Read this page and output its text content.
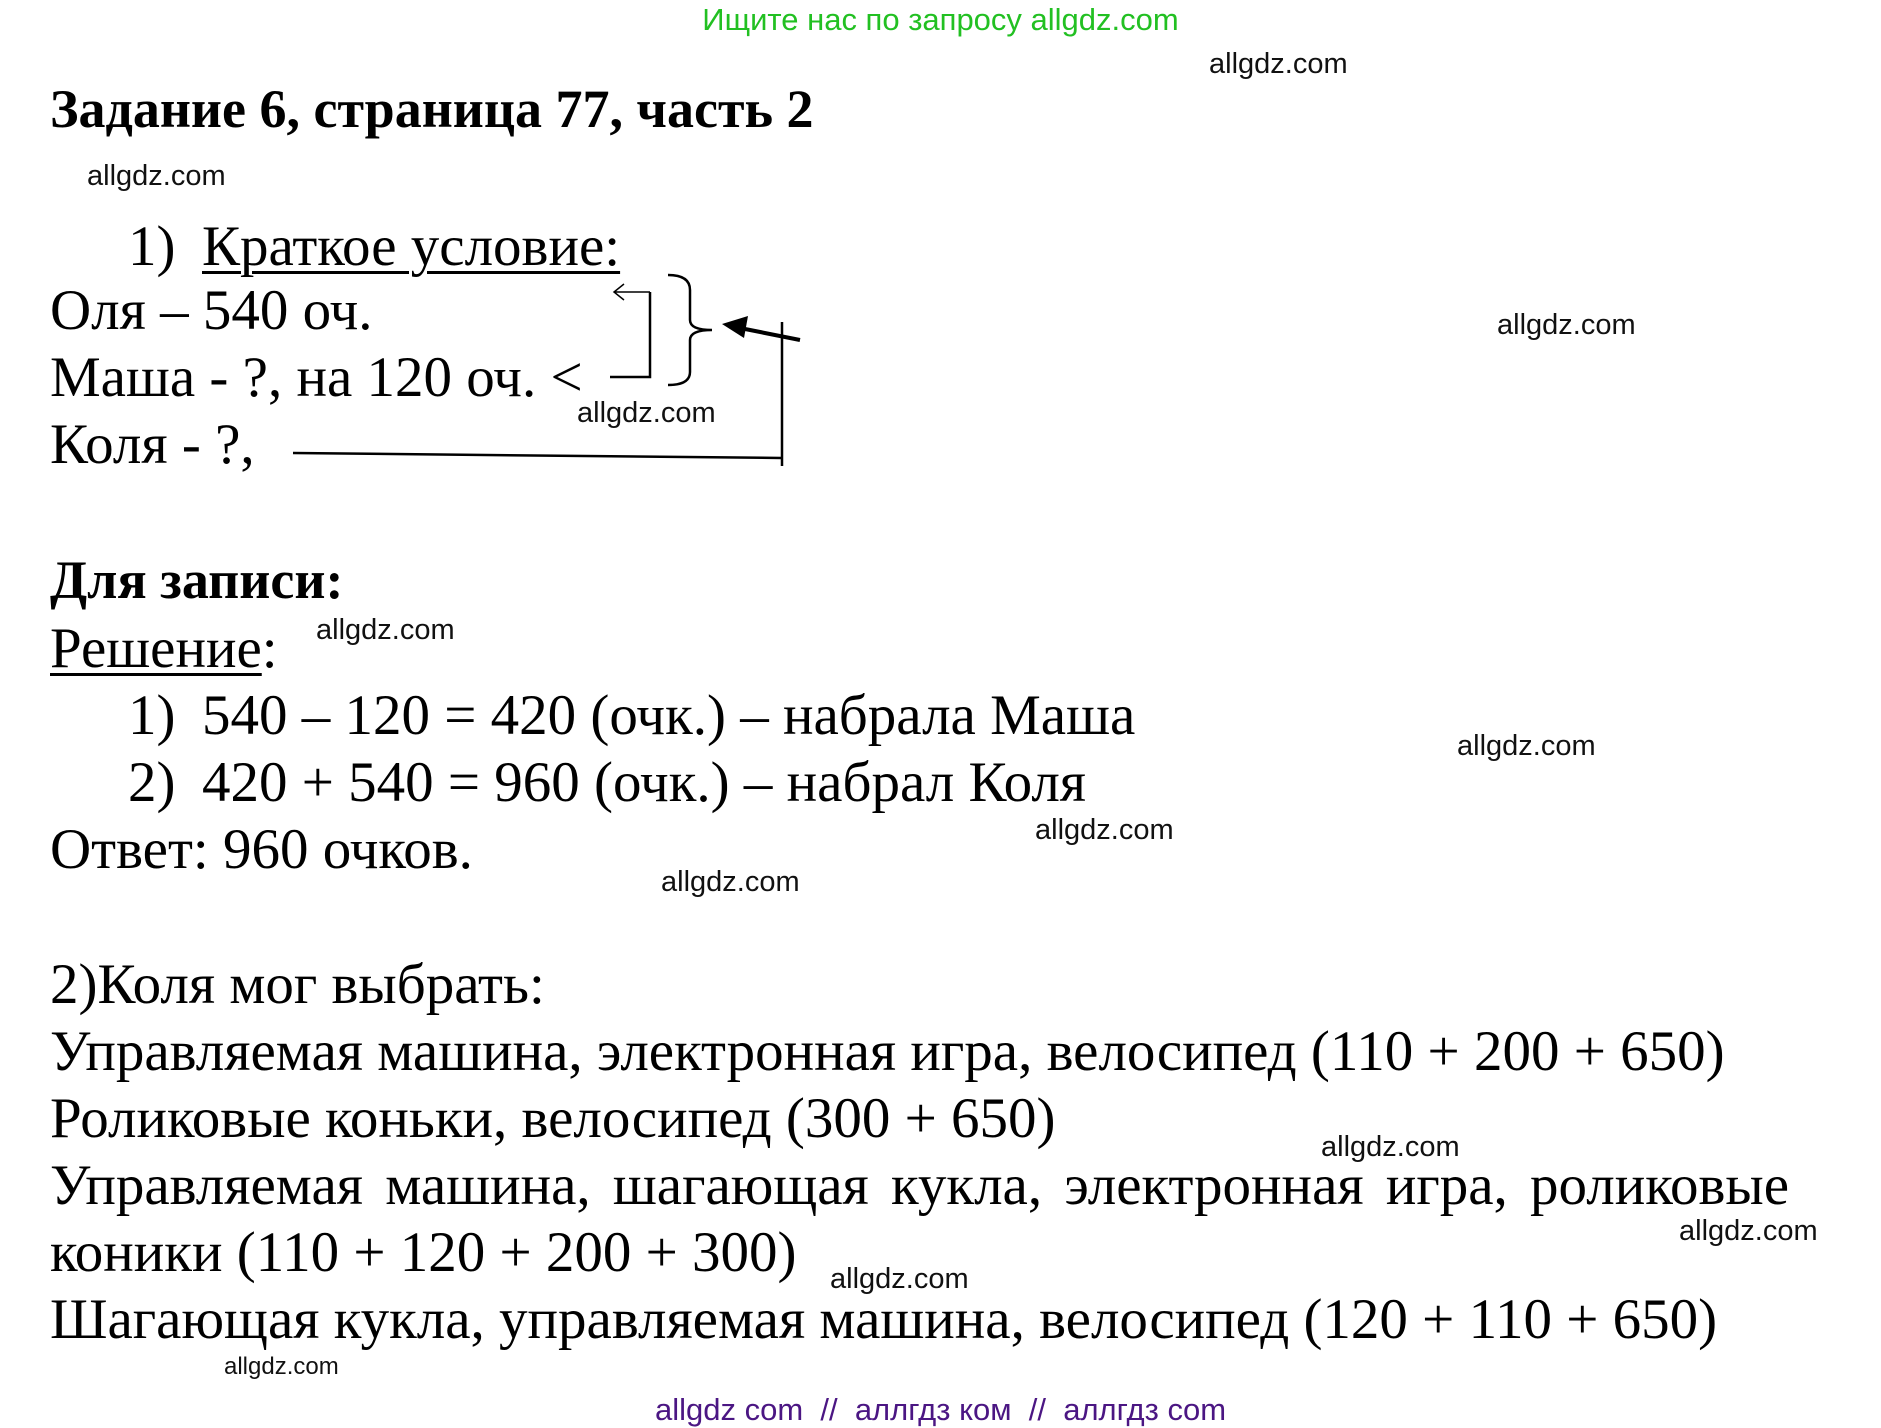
Ищите нас по запросу allgdz.com
Задание 6, страница 77, часть 2
1) Краткое условие:
Оля – 540 оч.
Маша - ?, на 120 оч. <
Коля - ?,
Для записи:
Решение:
1) 540 – 120 = 420 (очк.) – набрала Маша
2) 420 + 540 = 960 (очк.) – набрал Коля
Ответ: 960 очков.
2)Коля мог выбрать:
Управляемая машина, электронная игра, велосипед (110 + 200 + 650)
Роликовые коньки, велосипед (300 + 650)
Управляемая машина, шагающая кукла, электронная игра, роликовые
коники (110 + 120 + 200 + 300)
Шагающая кукла, управляемая машина, велосипед (120 + 110 + 650)
allgdz.com
allgdz.com
allgdz.com
allgdz.com
allgdz.com
allgdz.com
allgdz.com
allgdz.com
allgdz.com
allgdz.com
allgdz.com
allgdz.com
allgdz com  //  аллгдз ком  //  аллгдз com
